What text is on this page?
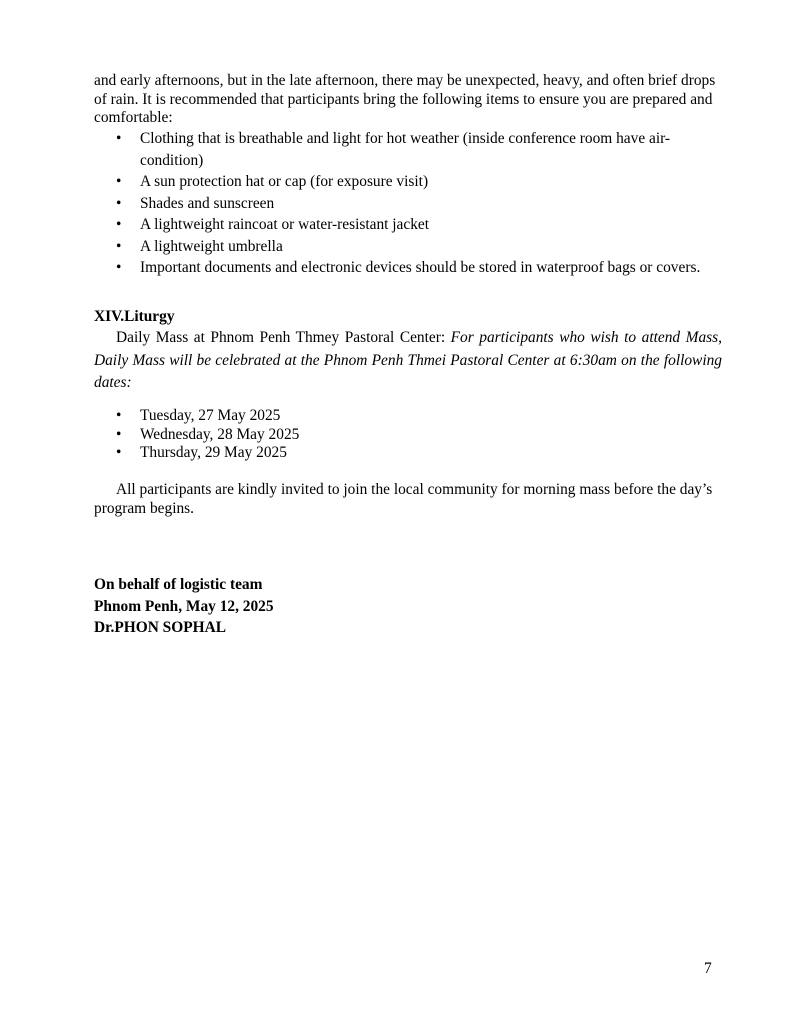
and early afternoons, but in the late afternoon, there may be unexpected, heavy, and often brief drops of rain. It is recommended that participants bring the following items to ensure you are prepared and comfortable:

• Clothing that is breathable and light for hot weather (inside conference room have air-condition)
• A sun protection hat or cap (for exposure visit)
• Shades and sunscreen
• A lightweight raincoat or water-resistant jacket
• A lightweight umbrella
• Important documents and electronic devices should be stored in waterproof bags or covers.
XIV.Liturgy

Daily Mass at Phnom Penh Thmey Pastoral Center: For participants who wish to attend Mass, Daily Mass will be celebrated at the Phnom Penh Thmei Pastoral Center at 6:30am on the following dates:

• Tuesday, 27 May 2025
• Wednesday, 28 May 2025
• Thursday, 29 May 2025

All participants are kindly invited to join the local community for morning mass before the day’s program begins.

On behalf of logistic team
Phnom Penh, May 12, 2025
Dr.PHON SOPHAL
7
